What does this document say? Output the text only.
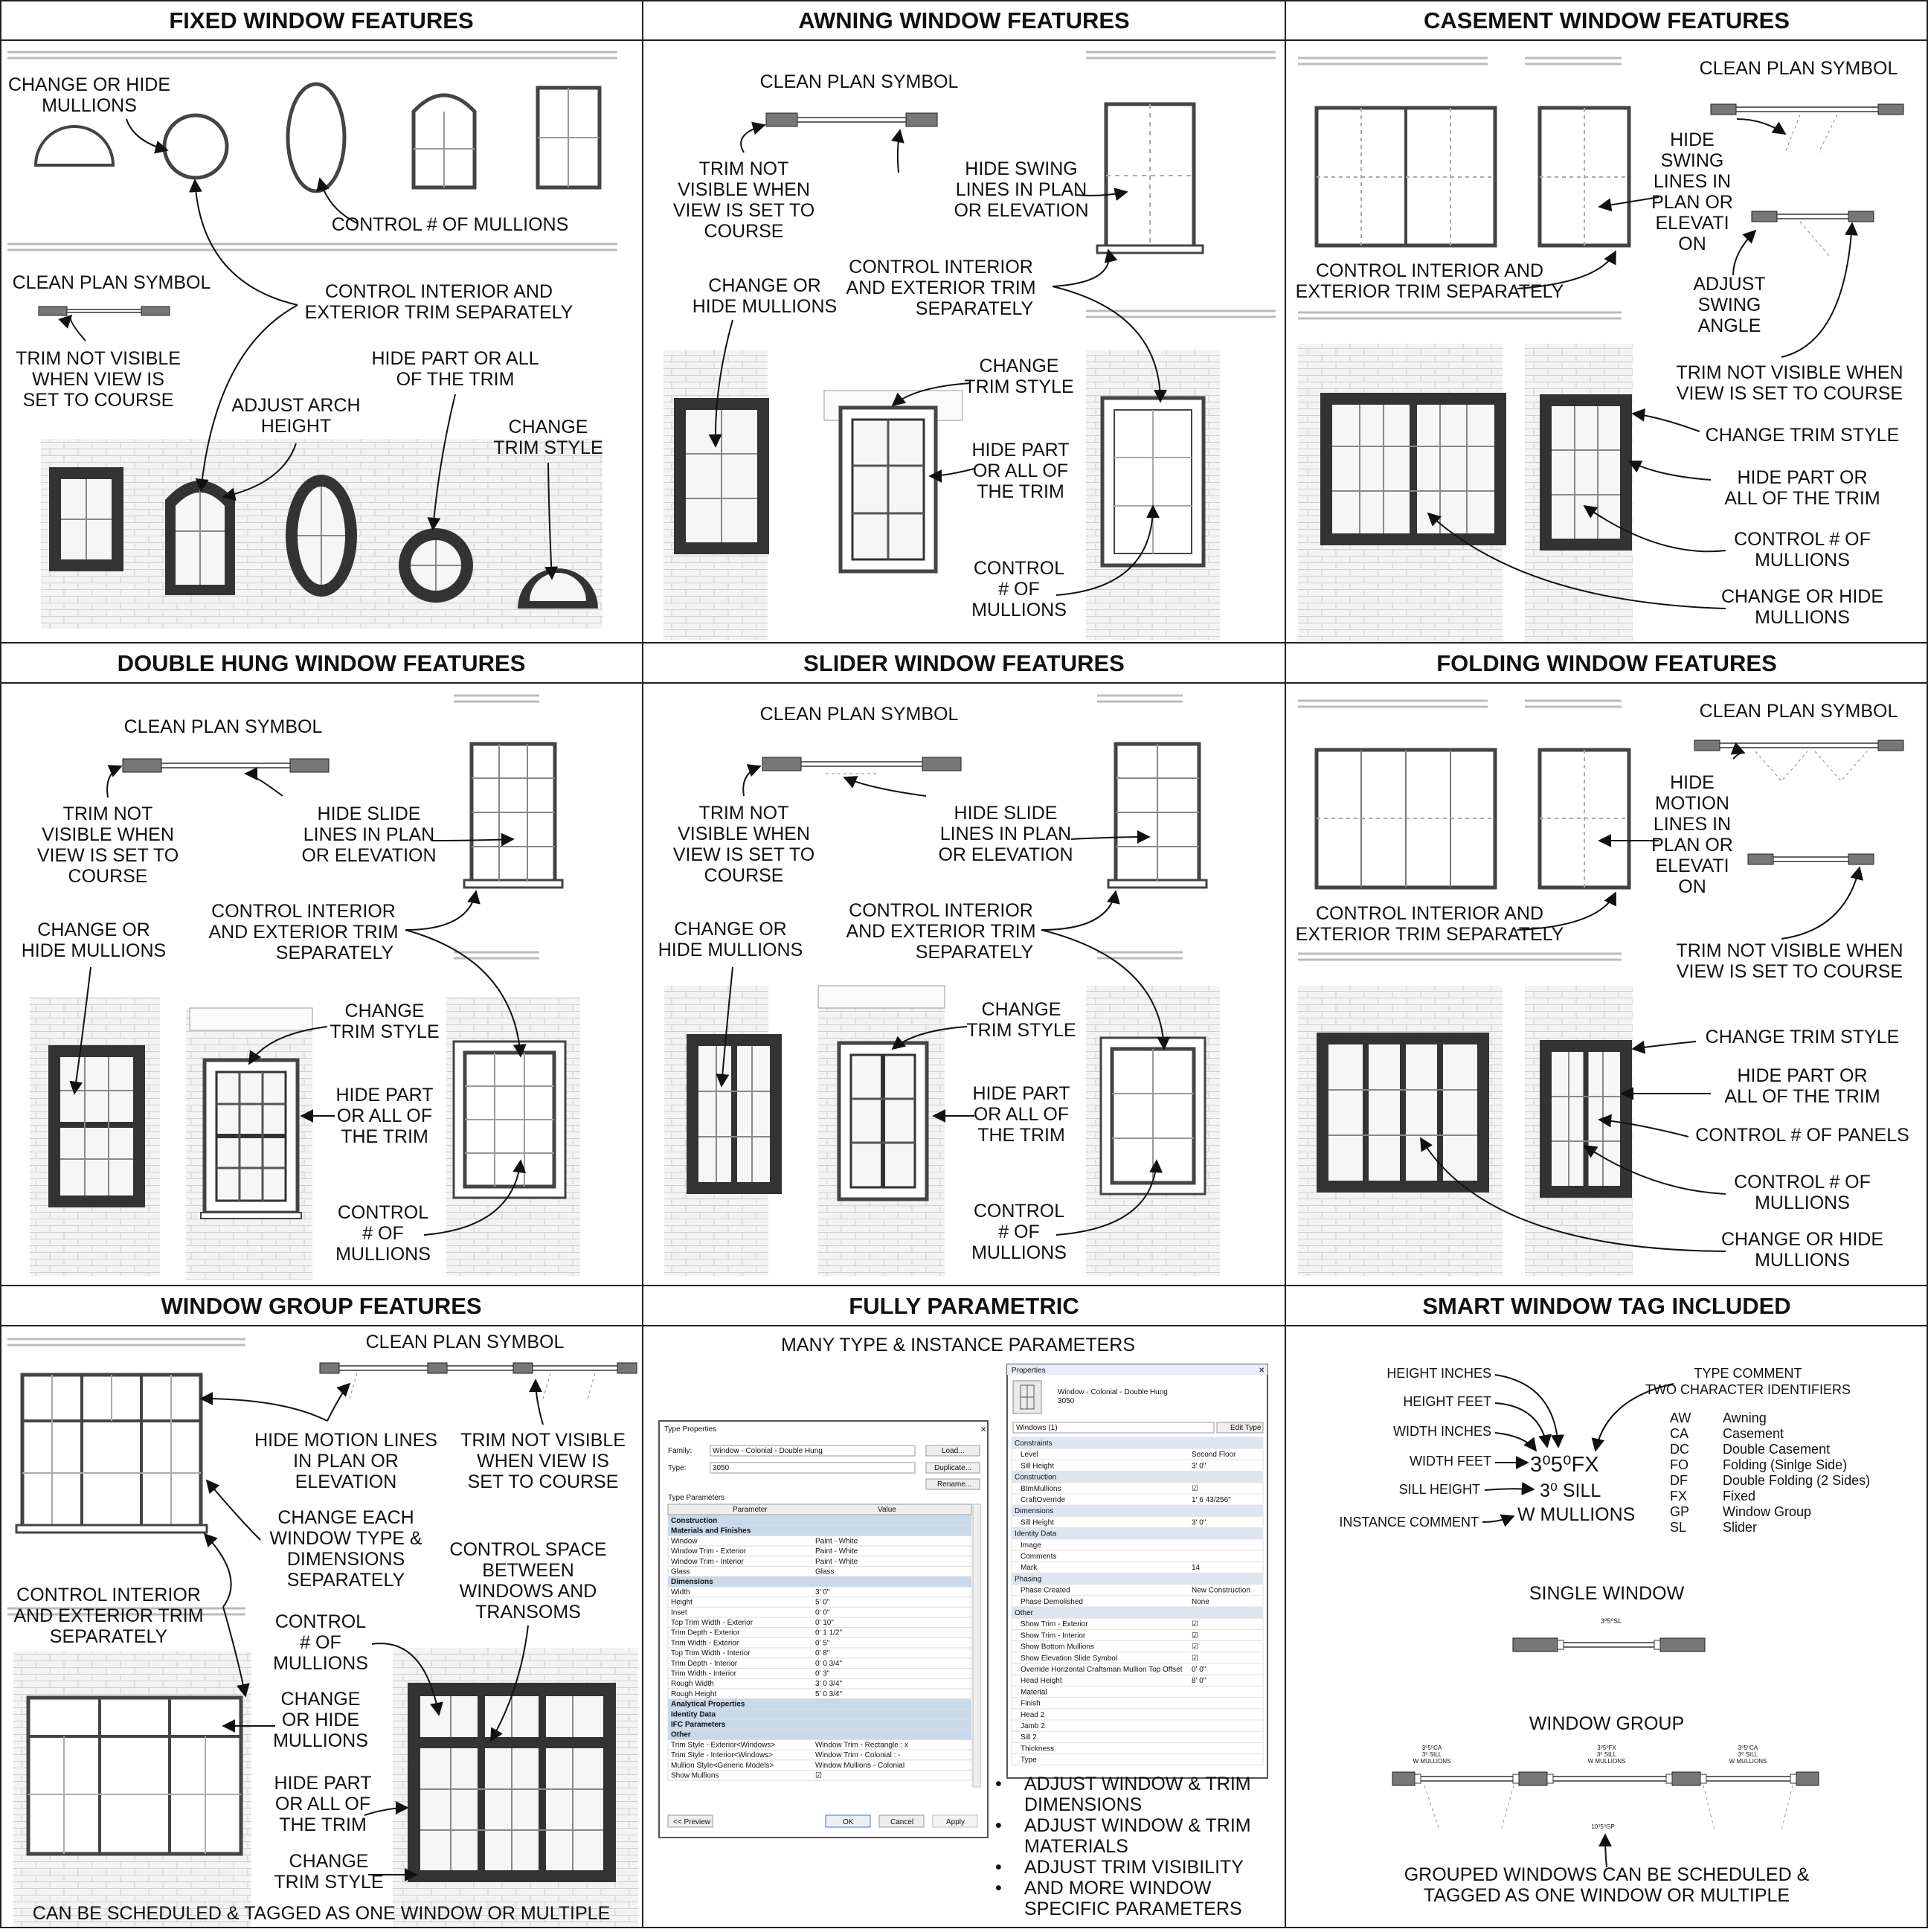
FIXED WINDOW FEATURES	AWNING WINDOW FEATURES	CASEMENT WINDOW FEATURES
DOUBLE HUNG WINDOW FEATURES	SLIDER WINDOW FEATURES	FOLDING WINDOW FEATURES
WINDOW GROUP FEATURES	FULLY PARAMETRIC	SMART WINDOW TAG INCLUDED
CHANGE OR HIDE
MULLIONS
CONTROL # OF MULLIONS
CLEAN PLAN SYMBOL	CONTROL INTERIOR AND
EXTERIOR TRIM SEPARATELY
TRIM NOT VISIBLE
WHEN VIEW IS
SET TO COURSE	ADJUST ARCH
HEIGHT
HIDE PART OR ALL
OF THE TRIM
CHANGE
TRIM STYLE
CLEAN PLAN SYMBOL
TRIM NOT
VISIBLE WHEN
VIEW IS SET TO
COURSE
HIDE SWING
LINES IN PLAN
OR ELEVATION
CHANGE OR
HIDE MULLIONS
CONTROL INTERIOR
AND EXTERIOR TRIM
SEPARATELY
CHANGE
TRIM STYLE
HIDE PART
OR ALL OF
THE TRIM
CONTROL
# OF
MULLIONS
CLEAN PLAN SYMBOL
HIDE
SWING
LINES IN
PLAN OR
ELEVATI
ON
CONTROL INTERIOR AND
EXTERIOR TRIM SEPARATELY	ADJUST
SWING
ANGLE
TRIM NOT VISIBLE WHEN
VIEW IS SET TO COURSE
CHANGE TRIM STYLE
HIDE PART OR
ALL OF THE TRIM
CONTROL # OF
MULLIONS
CHANGE OR HIDE
MULLIONS
CLEAN PLAN SYMBOL
TRIM NOT
VISIBLE WHEN
VIEW IS SET TO
COURSE
HIDE SLIDE
LINES IN PLAN
OR ELEVATION
CHANGE OR
HIDE MULLIONS
CONTROL INTERIOR
AND EXTERIOR TRIM
SEPARATELY
CHANGE
TRIM STYLE
HIDE PART
OR ALL OF
THE TRIM
CONTROL
# OF
MULLIONS
CLEAN PLAN SYMBOL
TRIM NOT
VISIBLE WHEN
VIEW IS SET TO
COURSE
HIDE SLIDE
LINES IN PLAN
OR ELEVATION
CHANGE OR
HIDE MULLIONS
CONTROL INTERIOR
AND EXTERIOR TRIM
SEPARATELY
CHANGE
TRIM STYLE
HIDE PART
OR ALL OF
THE TRIM
CONTROL
# OF
MULLIONS
CLEAN PLAN SYMBOL
HIDE
MOTION
LINES IN
PLAN OR
ELEVATI
ON
CONTROL INTERIOR AND
EXTERIOR TRIM SEPARATELY
TRIM NOT VISIBLE WHEN
VIEW IS SET TO COURSE
CHANGE TRIM STYLE
HIDE PART OR
ALL OF THE TRIM
CONTROL # OF PANELS
CONTROL # OF
MULLIONS
CHANGE OR HIDE
MULLIONS
CLEAN PLAN SYMBOL
HIDE MOTION LINES
IN PLAN OR
ELEVATION
TRIM NOT VISIBLE
WHEN VIEW IS
SET TO COURSE
CHANGE EACH
WINDOW TYPE &
DIMENSIONS
SEPARATELY
CONTROL SPACE
BETWEEN
WINDOWS AND
TRANSOMS
CONTROL INTERIOR
AND EXTERIOR TRIM
SEPARATELY
CONTROL
# OF
MULLIONS
CHANGE
OR HIDE
MULLIONS
HIDE PART
OR ALL OF
THE TRIM
CHANGE
TRIM STYLE
CAN BE SCHEDULED & TAGGED AS ONE WINDOW OR MULTIPLE
MANY TYPE & INSTANCE PARAMETERS
Type Properties	✕
Family:	Window - Colonial - Double Hung	Load...
Type:	3050	Duplicate...
Rename...
Type Parameters
Parameter	Value
Construction
Materials and Finishes
Window	Paint - White
Window Trim - Exterior	Paint - White
Window Trim - Interior	Paint - White
Glass	Glass
Dimensions
Width	3' 0"
Height	5' 0"
Inset	0' 0"
Top Trim Width - Exterior	0' 10"
Trim Depth - Exterior	0' 1 1/2"
Trim Width - Exterior	0' 5"
Top Trim Width - Interior	0' 8"
Trim Depth - Interior	0' 0 3/4"
Trim Width - Interior	0' 3"
Rough Width	3' 0 3/4"
Rough Height	5' 0 3/4"
Analytical Properties
Identity Data
IFC Parameters
Other
Trim Style - Exterior<Windows>	Window Trim - Rectangle : x
Trim Style - Interior<Windows>	Window Trim - Colonial : -
Mullion Style<Generic Models>	Window Mullions - Colonial
Show Mullions	☑
<< Preview	OK	Cancel	Apply
Properties	✕
Window - Colonial - Double Hung
3050
Windows (1)	Edit Type
Constraints
Level	Second Floor
Sill Height	3' 0"
Construction
BtmMullions	☑
CraftOverride	1' 6 43/256"
Dimensions
Sill Height	3' 0"
Identity Data
Image
Comments
Mark	14
Phasing
Phase Created	New Construction
Phase Demolished	None
Other
Show Trim - Exterior	☑
Show Trim - Interior	☑
Show Bottom Mullions	☑
Show Elevation Slide Symbol	☑
Override Horizontal Craftsman Mullion Top Offset 0' 0"
Head Height	8' 0"
Material
Finish
Head 2
Jamb 2
Sill 2
Thickness
Type
• ADJUST WINDOW & TRIM
DIMENSIONS
• ADJUST WINDOW & TRIM
MATERIALS
• ADJUST TRIM VISIBILITY
• AND MORE WINDOW
SPECIFIC PARAMETERS
HEIGHT INCHES
HEIGHT FEET
WIDTH INCHES
WIDTH FEET
SILL HEIGHT
INSTANCE COMMENT
TYPE COMMENT
TWO CHARACTER IDENTIFIERS
3⁰5⁰FX
3⁰ SILL
W MULLIONS
AW Awning
CA	Casement
DC	Double Casement
FO	Folding (Sinlge Side)
DF	Double Folding (2 Sides)
FX	Fixed
GP Window Group
SL	Slider
SINGLE WINDOW
3⁰5⁰SL
WINDOW GROUP
3⁰5⁰CA
3⁰ SILL
W MULLIONS
3⁰5⁰FX
3⁰ SILL
W MULLIONS
3⁰5⁰CA
3⁰ SILL
W MULLIONS
10⁰5⁰GP
GROUPED WINDOWS CAN BE SCHEDULED &
TAGGED AS ONE WINDOW OR MULTIPLE
